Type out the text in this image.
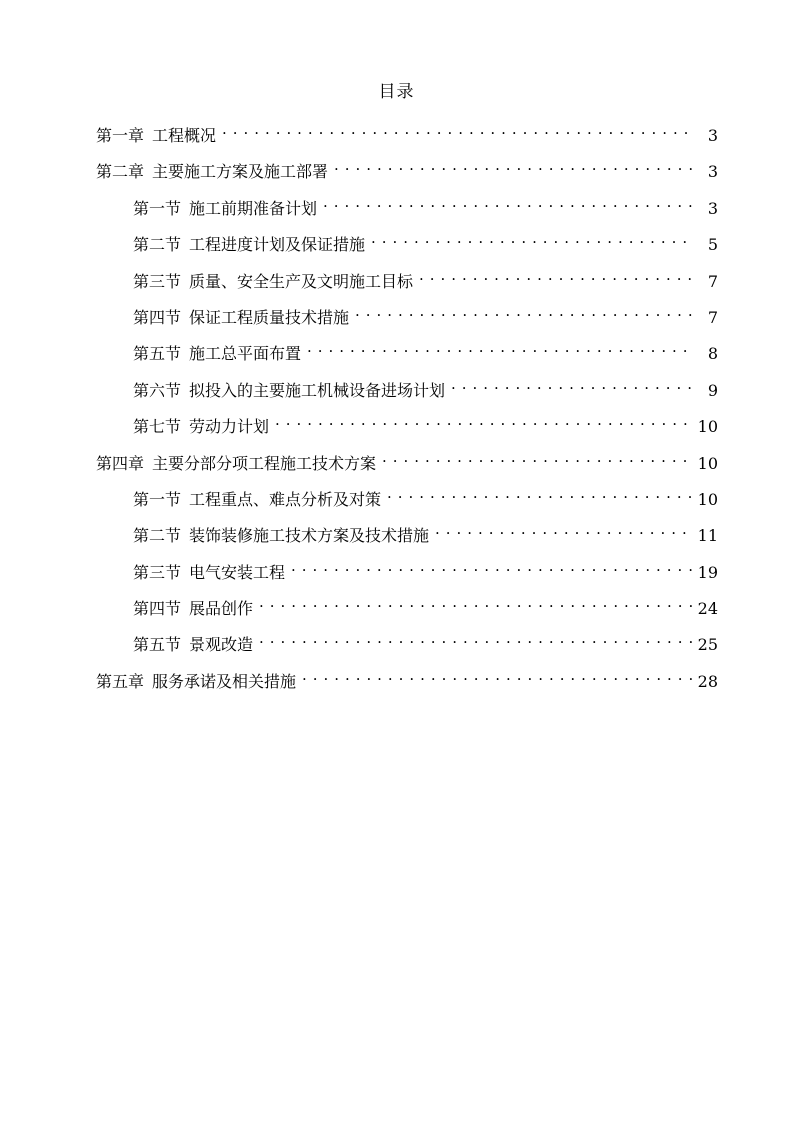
目录
第一章 工程概况 . . .	3
第二章 主要施工方案及施工部署 . . .	3
第一节 施工前期准备计划 . . .	3
第二节 工程进度计划及保证措施 . . .	5
第三节 质量、安全生产及文明施工目标 . . .	7
第四节 保证工程质量技术措施 . . .	7
第五节 施工总平面布置 . . .	8
第六节 拟投入的主要施工机械设备进场计划 . . .	9
第七节 劳动力计划 . . .	10
第四章 主要分部分项工程施工技术方案 . . .	10
第一节 工程重点、难点分析及对策 . . .	10
第二节 装饰装修施工技术方案及技术措施 . . .	11
第三节 电气安装工程 . . .	19
第四节 展品创作 . . .	24
第五节 景观改造 . . .	25
第五章 服务承诺及相关措施 . . .	28
